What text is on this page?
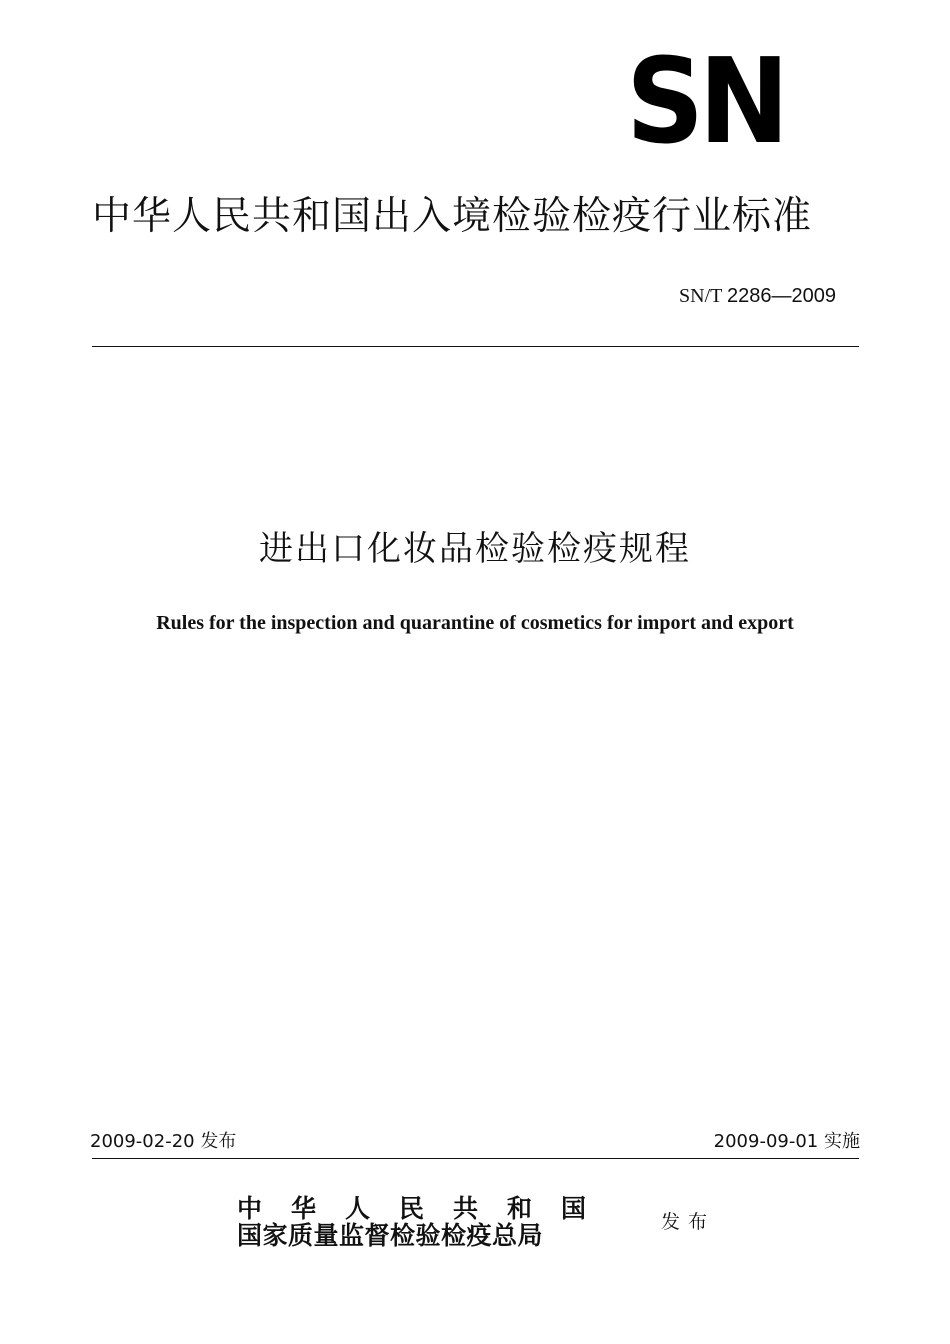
SN
中华人民共和国出入境检验检疫行业标准
SN/T 2286—2009
进出口化妆品检验检疫规程
Rules for the inspection and quarantine of cosmetics for import and export
2009-02-20 发布	2009-09-01 实施
中华人民共和国
国家质量监督检验检疫总局	发布
